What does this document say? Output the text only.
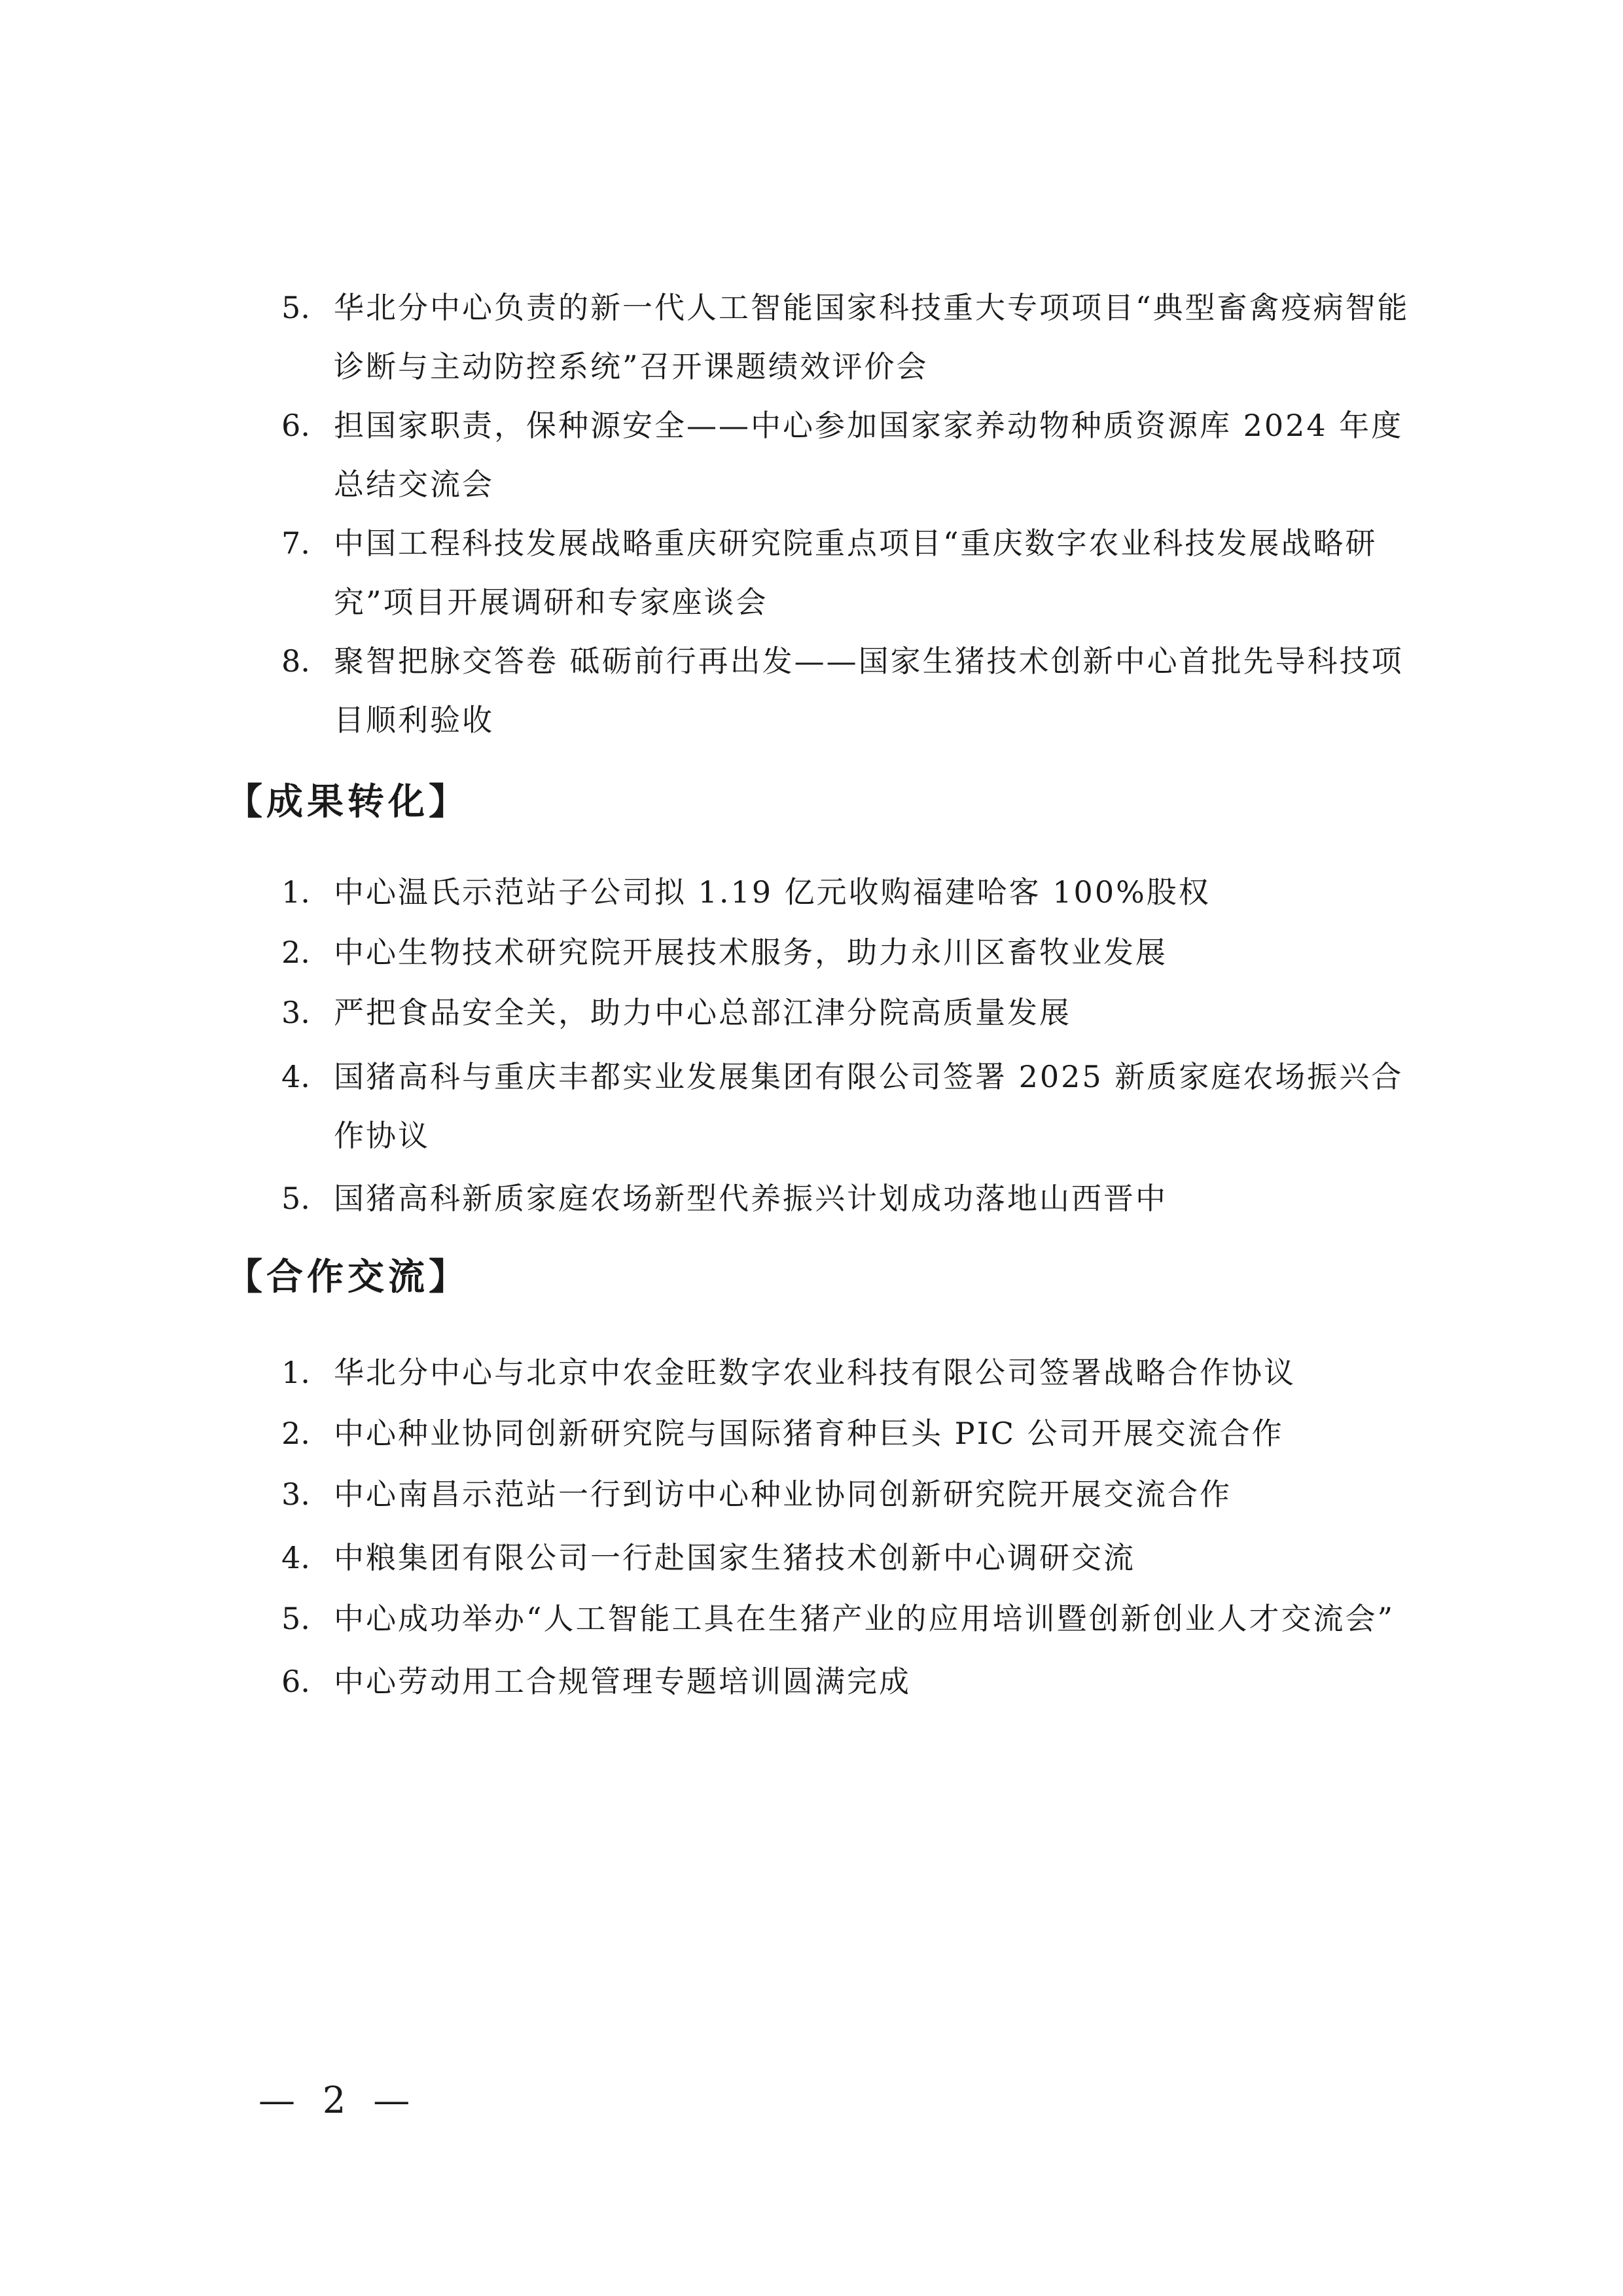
5. 华北分中心负责的新一代人工智能国家科技重大专项项目“典型畜禽疫病智能诊断与主动防控系统”召开课题绩效评价会
6. 担国家职责，保种源安全——中心参加国家家养动物种质资源库 2024 年度总结交流会
7. 中国工程科技发展战略重庆研究院重点项目“重庆数字农业科技发展战略研究”项目开展调研和专家座谈会
8. 聚智把脉交答卷 砥砺前行再出发——国家生猪技术创新中心首批先导科技项目顺利验收
【成果转化】
1. 中心温氏示范站子公司拟 1.19 亿元收购福建哈客 100%股权
2. 中心生物技术研究院开展技术服务，助力永川区畜牧业发展
3. 严把食品安全关，助力中心总部江津分院高质量发展
4. 国猪高科与重庆丰都实业发展集团有限公司签署 2025 新质家庭农场振兴合作协议
5. 国猪高科新质家庭农场新型代养振兴计划成功落地山西晋中
【合作交流】
1. 华北分中心与北京中农金旺数字农业科技有限公司签署战略合作协议
2. 中心种业协同创新研究院与国际猪育种巨头 PIC 公司开展交流合作
3. 中心南昌示范站一行到访中心种业协同创新研究院开展交流合作
4. 中粮集团有限公司一行赴国家生猪技术创新中心调研交流
5. 中心成功举办“人工智能工具在生猪产业的应用培训暨创新创业人才交流会”
6. 中心劳动用工合规管理专题培训圆满完成
— 2 —
